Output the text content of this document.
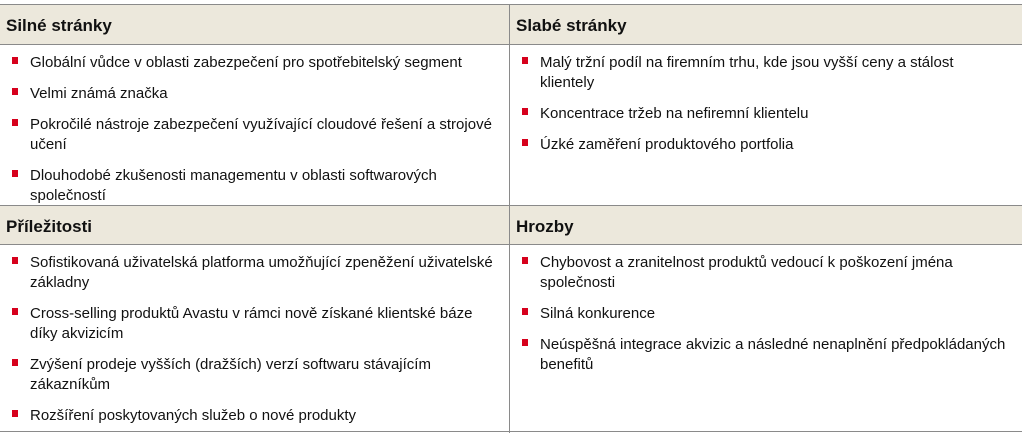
Silné stránky	Slabé stránky
Globální vůdce v oblasti zabezpečení pro spotřebitelský segment
Velmi známá značka
Pokročilé nástroje zabezpečení využívající cloudové řešení a strojové učení
Dlouhodobé zkušenosti managementu v oblasti softwarových společností
Malý tržní podíl na firemním trhu, kde jsou vyšší ceny a stálost klientely
Koncentrace tržeb na nefiremní klientelu
Úzké zaměření produktového portfolia
Příležitosti	Hrozby
Sofistikovaná uživatelská platforma umožňující zpeněžení uživatelské základny
Cross-selling produktů Avastu v rámci nově získané klientské báze díky akvizicím
Zvýšení prodeje vyšších (dražších) verzí softwaru stávajícím zákazníkům
Rozšíření poskytovaných služeb o nové produkty
Chybovost a zranitelnost produktů vedoucí k poškození jména společnosti
Silná konkurence
Neúspěšná integrace akvizic a následné nenaplnění předpokládaných benefitů
